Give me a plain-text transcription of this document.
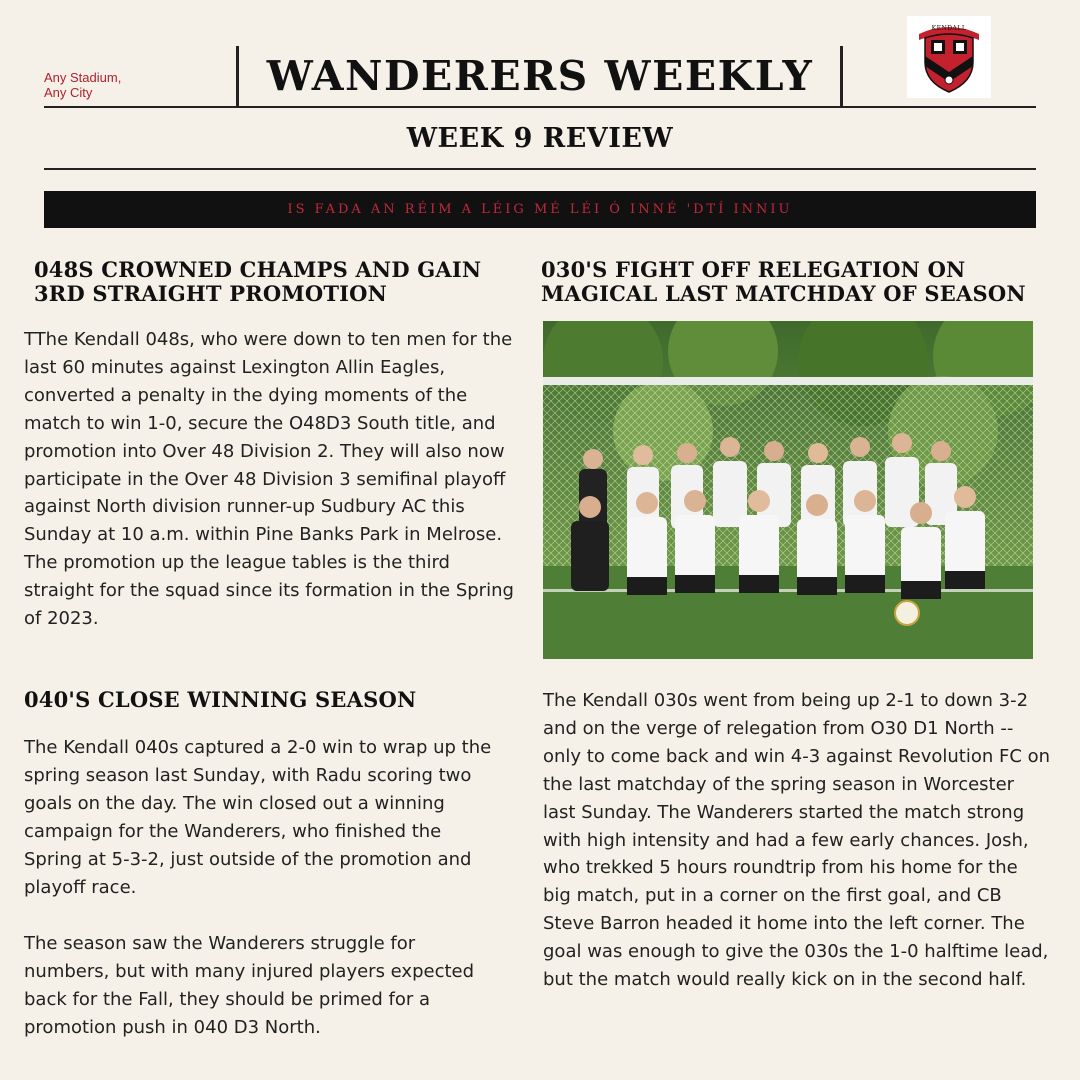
Any Stadium,
Any City	WANDERERS WEEKLY
KENDALL
WEEK 9 REVIEW
IS FADA AN RÉIM A LÉIG MÉ LÉI Ó INNÉ 'DTÍ INNIU
048S CROWNED CHAMPS AND GAIN 3RD STRAIGHT PROMOTION
TThe Kendall 048s, who were down to ten men for the last 60 minutes against Lexington Allin Eagles, converted a penalty in the dying moments of the match to win 1-0, secure the O48D3 South title, and promotion into Over 48 Division 2. They will also now participate in the Over 48 Division 3 semifinal playoff against North division runner-up Sudbury AC this Sunday at 10 a.m. within Pine Banks Park in Melrose. The promotion up the league tables is the third straight for the squad since its formation in the Spring of 2023.
040'S CLOSE WINNING SEASON
The Kendall 040s captured a 2-0 win to wrap up the spring season last Sunday, with Radu scoring two goals on the day. The win closed out a winning campaign for the Wanderers, who finished the Spring at 5-3-2, just outside of the promotion and playoff race.
The season saw the Wanderers struggle for numbers, but with many injured players expected back for the Fall, they should be primed for a promotion push in 040 D3 North.
030'S FIGHT OFF RELEGATION ON MAGICAL LAST MATCHDAY OF SEASON
The Kendall 030s went from being up 2-1 to down 3-2 and on the verge of relegation from O30 D1 North -- only to come back and win 4-3 against Revolution FC on the last matchday of the spring season in Worcester last Sunday. The Wanderers started the match strong with high intensity and had a few early chances. Josh, who trekked 5 hours roundtrip from his home for the big match, put in a corner on the first goal, and CB Steve Barron headed it home into the left corner. The goal was enough to give the 030s the 1-0 halftime lead, but the match would really kick on in the second half.
